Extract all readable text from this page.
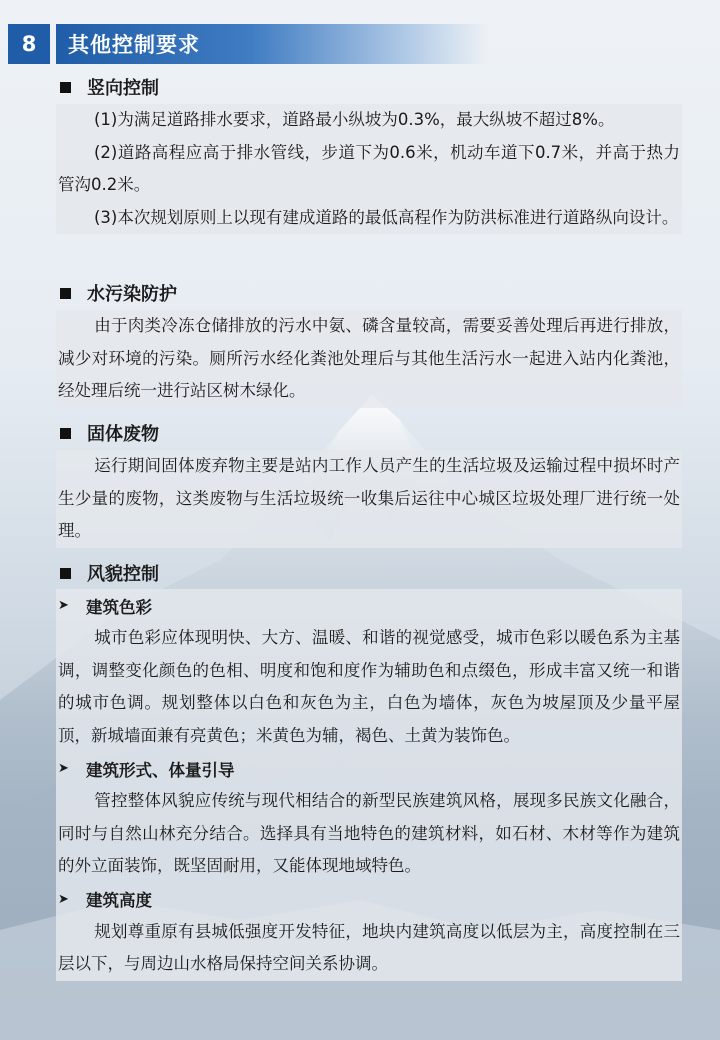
8	其他控制要求
竖向控制

(1)为满足道路排水要求，道路最小纵坡为0.3%，最大纵坡不超过8%。

(2)道路高程应高于排水管线，步道下为0.6米，机动车道下0.7米，并高于热力管沟0.2米。

(3)本次规划原则上以现有建成道路的最低高程作为防洪标准进行道路纵向设计。

水污染防护

由于肉类冷冻仓储排放的污水中氨、磷含量较高，需要妥善处理后再进行排放，减少对环境的污染。厕所污水经化粪池处理后与其他生活污水一起进入站内化粪池，经处理后统一进行站区树木绿化。

固体废物

运行期间固体废弃物主要是站内工作人员产生的生活垃圾及运输过程中损坏时产生少量的废物，这类废物与生活垃圾统一收集后运往中心城区垃圾处理厂进行统一处理。

风貌控制
➤	建筑色彩

城市色彩应体现明快、大方、温暖、和谐的视觉感受，城市色彩以暖色系为主基调，调整变化颜色的色相、明度和饱和度作为辅助色和点缀色，形成丰富又统一和谐的城市色调。规划整体以白色和灰色为主，白色为墙体，灰色为坡屋顶及少量平屋顶，新城墙面兼有亮黄色；米黄色为辅，褐色、土黄为装饰色。

➤	建筑形式、体量引导

管控整体风貌应传统与现代相结合的新型民族建筑风格，展现多民族文化融合，同时与自然山林充分结合。选择具有当地特色的建筑材料，如石材、木材等作为建筑的外立面装饰，既坚固耐用，又能体现地域特色。

➤	建筑高度

规划尊重原有县城低强度开发特征，地块内建筑高度以低层为主，高度控制在三层以下，与周边山水格局保持空间关系协调。
